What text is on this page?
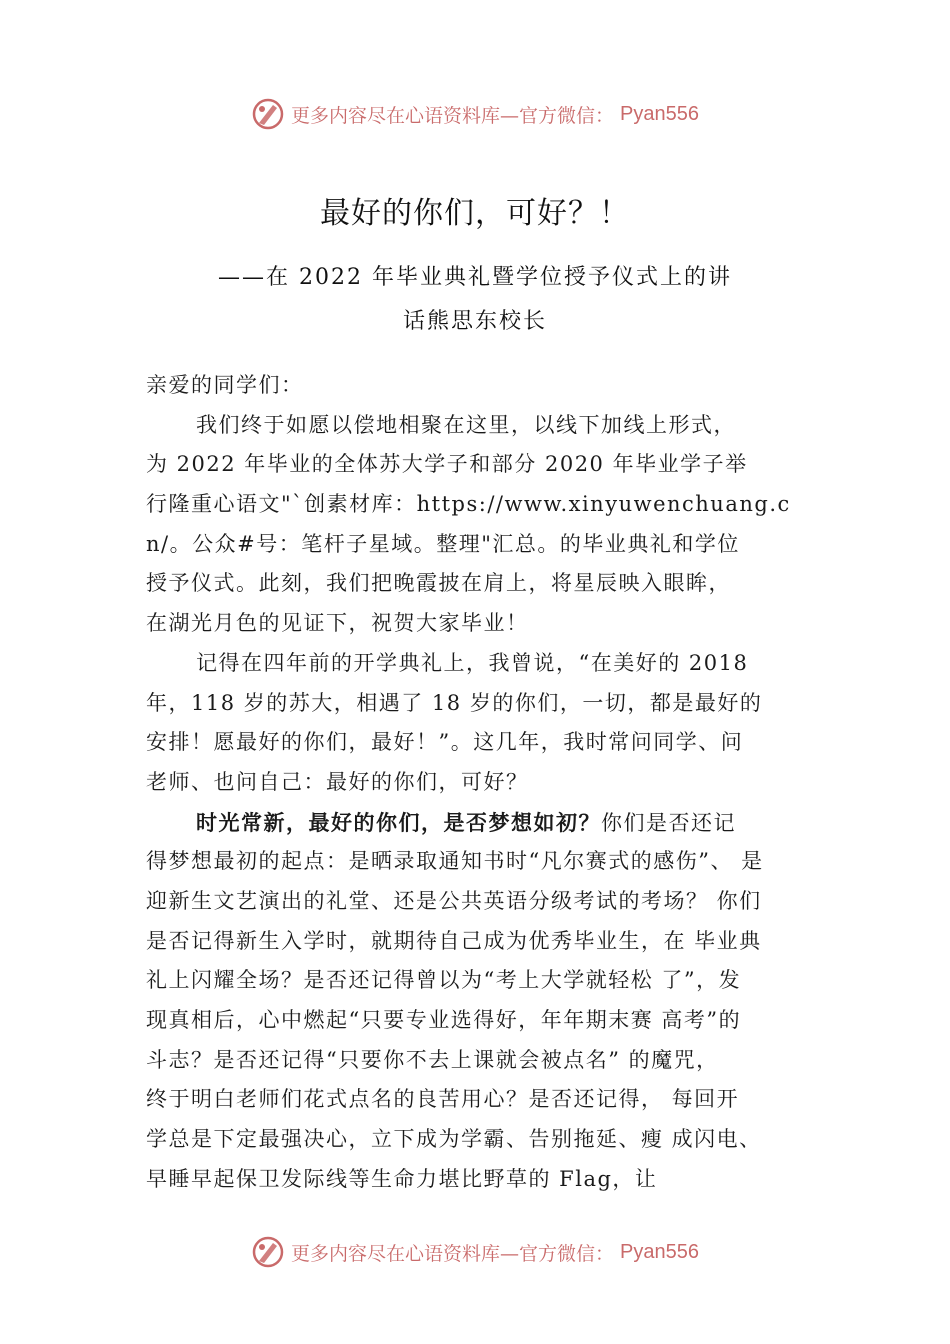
更多内容尽在心语资料库—官方微信： Pyan556
最好的你们，可好？！
——在 2022 年毕业典礼暨学位授予仪式上的讲
话熊思东校长
亲爱的同学们：
我们终于如愿以偿地相聚在这里，以线下加线上形式，
为 2022 年毕业的全体苏大学子和部分 2020 年毕业学子举
行隆重心语文"`创素材库：https://www.xinyuwenchuang.c
n/。公众#号：笔杆子星域。整理"汇总。的毕业典礼和学位
授予仪式。此刻，我们把晚霞披在肩上，将星辰映入眼眸，
在湖光月色的见证下，祝贺大家毕业！
记得在四年前的开学典礼上，我曾说，“在美好的 2018
年，118 岁的苏大，相遇了 18 岁的你们，一切，都是最好的
安排！愿最好的你们，最好！”。这几年，我时常问同学、问
老师、也问自己：最好的你们，可好？
时光常新，最好的你们，是否梦想如初？你们是否还记
得梦想最初的起点：是晒录取通知书时“凡尔赛式的感伤”、 是
迎新生文艺演出的礼堂、还是公共英语分级考试的考场？ 你们
是否记得新生入学时，就期待自己成为优秀毕业生，在 毕业典
礼上闪耀全场？是否还记得曾以为“考上大学就轻松 了”，发
现真相后，心中燃起“只要专业选得好，年年期末赛 高考”的
斗志？是否还记得“只要你不去上课就会被点名” 的魔咒，
终于明白老师们花式点名的良苦用心？是否还记得， 每回开
学总是下定最强决心，立下成为学霸、告别拖延、瘦 成闪电、
早睡早起保卫发际线等生命力堪比野草的 Flag，让
更多内容尽在心语资料库—官方微信： Pyan556
